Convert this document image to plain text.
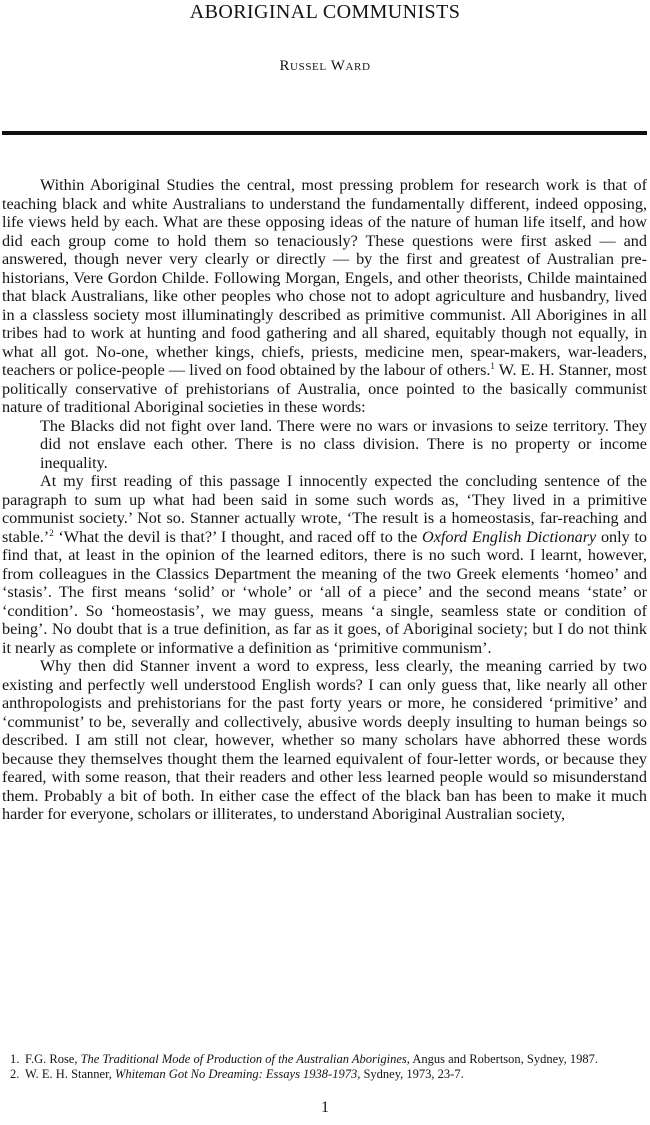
ABORIGINAL COMMUNISTS
Russel Ward

Within Aboriginal Studies the central, most pressing problem for research work is that of teaching black and white Australians to understand the fundamentally different, indeed opposing, life views held by each. What are these opposing ideas of the nature of human life itself, and how did each group come to hold them so tenaciously? These questions were first asked — and answered, though never very clearly or directly — by the first and greatest of Australian pre-historians, Vere Gordon Childe. Following Morgan, Engels, and other theorists, Childe maintained that black Australians, like other peoples who chose not to adopt agriculture and husbandry, lived in a classless society most illuminatingly described as primitive communist. All Aborigines in all tribes had to work at hunting and food gathering and all shared, equitably though not equally, in what all got. No-one, whether kings, chiefs, priests, medicine men, spear-makers, war-leaders, teachers or police-people — lived on food obtained by the labour of others.$^1$ W. E. H. Stanner, most politically conservative of prehistorians of Australia, once pointed to the basically communist nature of traditional Aboriginal societies in these words:

The Blacks did not fight over land. There were no wars or invasions to seize territory. They did not enslave each other. There is no class division. There is no property or income inequality.

At my first reading of this passage I innocently expected the concluding sentence of the paragraph to sum up what had been said in some such words as, ‘They lived in a primitive communist society.’ Not so. Stanner actually wrote, ‘The result is a homeostasis, far-reaching and stable.’$^2$ ‘What the devil is that?’ I thought, and raced off to the Oxford English Dictionary only to find that, at least in the opinion of the learned editors, there is no such word. I learnt, however, from colleagues in the Classics Department the meaning of the two Greek elements ‘homeo’ and ‘stasis’. The first means ‘solid’ or ‘whole’ or ‘all of a piece’ and the second means ‘state’ or ‘condition’. So ‘homeostasis’, we may guess, means ‘a single, seamless state or condition of being’. No doubt that is a true definition, as far as it goes, of Aboriginal society; but I do not think it nearly as complete or informative a definition as ‘primitive communism’.

Why then did Stanner invent a word to express, less clearly, the meaning carried by two existing and perfectly well understood English words? I can only guess that, like nearly all other anthropologists and prehistorians for the past forty years or more, he considered ‘primitive’ and ‘communist’ to be, severally and collectively, abusive words deeply insulting to human beings so described. I am still not clear, however, whether so many scholars have abhorred these words because they themselves thought them the learned equivalent of four-letter words, or because they feared, with some reason, that their readers and other less learned people would so misunderstand them. Probably a bit of both. In either case the effect of the black ban has been to make it much harder for everyone, scholars or illiterates, to understand Aboriginal Australian society,

1. F.G. Rose, The Traditional Mode of Production of the Australian Aborigines, Angus and Robertson, Sydney, 1987.
2. W. E. H. Stanner, Whiteman Got No Dreaming: Essays 1938-1973, Sydney, 1973, 23-7.
1
